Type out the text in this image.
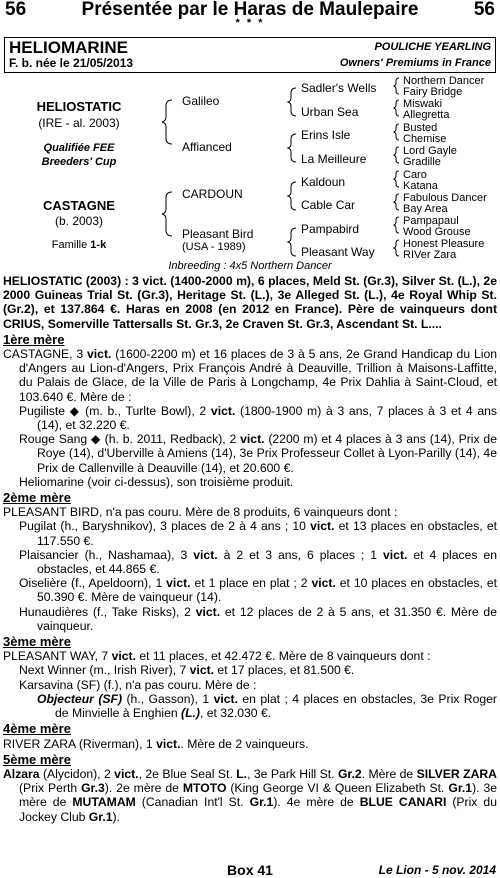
56	Présentée par le Haras de Maulepaire	56
* * *
HELIOMARINE	POULICHE YEARLING
F. b. née le 21/05/2013	Owners' Premiums in France
HELIOSTATIC
(IRE - al. 2003)
Qualifiée FEE
Breeders' Cup
CASTAGNE
(b. 2003)
Famille 1-k
Galileo
Affianced
CARDOUN
Pleasant Bird
(USA - 1989)
Sadler's Wells
Urban Sea
Erins Isle
La Meilleure
Kaldoun
Cable Car
Pampabird
Pleasant Way
Northern Dancer
Fairy Bridge
Miswaki
Allegretta
Busted
Chemise
Lord Gayle
Gradille
Caro
Katana
Fabulous Dancer
Bay Area
Pampapaul
Wood Grouse
Honest Pleasure
RIVer Zara
Inbreeding : 4x5 Northern Dancer

HELIOSTATIC (2003) : 3 vict. (1400-2000 m), 6 places, Meld St. (Gr.3), Silver St. (L.), 2e 2000 Guineas Trial St. (Gr.3), Heritage St. (L.), 3e Alleged St. (L.), 4e Royal Whip St. (Gr.2), et 137.864 €. Haras en 2008 (en 2012 en France). Père de vainqueurs dont CRIUS, Somerville Tattersalls St. Gr.3, 2e Craven St. Gr.3, Ascendant St. L....

1ère mère

CASTAGNE, 3 vict. (1600-2200 m) et 16 places de 3 à 5 ans, 2e Grand Handicap du Lion d'Angers au Lion-d'Angers, Prix François André à Deauville, Trillion à Maisons-Laffitte, du Palais de Glace, de la Ville de Paris à Longchamp, 4e Prix Dahlia à Saint-Cloud, et 103.640 €. Mère de :

Pugiliste ◆ (m. b., Turlte Bowl), 2 vict. (1800-1900 m) à 3 ans, 7 places à 3 et 4 ans (14), et 32.220 €.

Rouge Sang ◆ (h. b. 2011, Redback), 2 vict. (2200 m) et 4 places à 3 ans (14), Prix de Roye (14), d'Uberville à Amiens (14), 3e Prix Professeur Collet à Lyon-Parilly (14), 4e Prix de Callenville à Deauville (14), et 20.600 €.

Heliomarine (voir ci-dessus), son troisième produit.

2ème mère

PLEASANT BIRD, n'a pas couru. Mère de 8 produits, 6 vainqueurs dont :

Pugilat (h., Baryshnikov), 3 places de 2 à 4 ans ; 10 vict. et 13 places en obstacles, et 117.550 €.

Plaisancier (h., Nashamaa), 3 vict. à 2 et 3 ans, 6 places ; 1 vict. et 4 places en obstacles, et 44.865 €.

Oiselière (f., Apeldoorn), 1 vict. et 1 place en plat ; 2 vict. et 10 places en obstacles, et 50.390 €. Mère de vainqueur (14).

Hunaudières (f., Take Risks), 2 vict. et 12 places de 2 à 5 ans, et 31.350 €. Mère de vainqueur.

3ème mère

PLEASANT WAY, 7 vict. et 11 places, et 42.472 €. Mère de 8 vainqueurs dont :

Next Winner (m., Irish River), 7 vict. et 17 places, et 81.500 €.

Karsavina (SF) (f.), n'a pas couru. Mère de :

Objecteur (SF) (h., Gasson), 1 vict. en plat ; 4 places en obstacles, 3e Prix Roger de Minvielle à Enghien (L.), et 32.030 €.

4ème mère

RIVER ZARA (Riverman), 1 vict.. Mère de 2 vainqueurs.

5ème mère

Alzara (Alycidon), 2 vict., 2e Blue Seal St. L., 3e Park Hill St. Gr.2. Mère de SILVER ZARA (Prix Perth Gr.3). 2e mère de MTOTO (King George VI & Queen Elizabeth St. Gr.1). 3e mère de MUTAMAM (Canadian Int'l St. Gr.1). 4e mère de BLUE CANARI (Prix du Jockey Club Gr.1).

Box 41	Le Lion - 5 nov. 2014
